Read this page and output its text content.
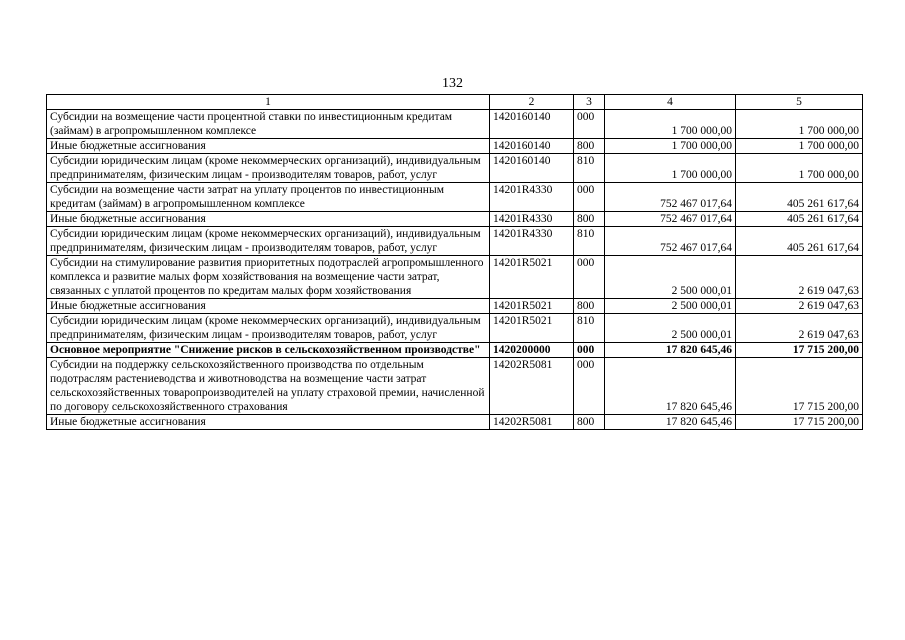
132
1	2	3	4	5
Субсидии на возмещение части процентной ставки по инвестиционным кредитам (займам) в агропромышленном комплексе	1420160140	000	1 700 000,00	1 700 000,00
Иные бюджетные ассигнования	1420160140	800	1 700 000,00	1 700 000,00
Субсидии юридическим лицам (кроме некоммерческих организаций), индивидуальным предпринимателям, физическим лицам - производителям товаров, работ, услуг	1420160140	810	1 700 000,00	1 700 000,00
Субсидии на возмещение части затрат на уплату процентов по инвестиционным кредитам (займам) в агропромышленном комплексе	14201R4330	000	752 467 017,64	405 261 617,64
Иные бюджетные ассигнования	14201R4330	800	752 467 017,64	405 261 617,64
Субсидии юридическим лицам (кроме некоммерческих организаций), индивидуальным предпринимателям, физическим лицам - производителям товаров, работ, услуг	14201R4330	810	752 467 017,64	405 261 617,64
Субсидии на стимулирование развития приоритетных подотраслей агропромышленного комплекса и развитие малых форм хозяйствования на возмещение части затрат, связанных с уплатой процентов по кредитам малых форм хозяйствования	14201R5021	000	2 500 000,01	2 619 047,63
Иные бюджетные ассигнования	14201R5021	800	2 500 000,01	2 619 047,63
Субсидии юридическим лицам (кроме некоммерческих организаций), индивидуальным предпринимателям, физическим лицам - производителям товаров, работ, услуг	14201R5021	810	2 500 000,01	2 619 047,63
Основное мероприятие "Снижение рисков в сельскохозяйственном производстве"	1420200000	000	17 820 645,46	17 715 200,00
Субсидии на поддержку сельскохозяйственного производства по отдельным подотраслям растениеводства и животноводства на возмещение части затрат сельскохозяйственных товаропроизводителей на уплату страховой премии, начисленной по договору сельскохозяйственного страхования	14202R5081	000	17 820 645,46	17 715 200,00
Иные бюджетные ассигнования	14202R5081	800	17 820 645,46	17 715 200,00
